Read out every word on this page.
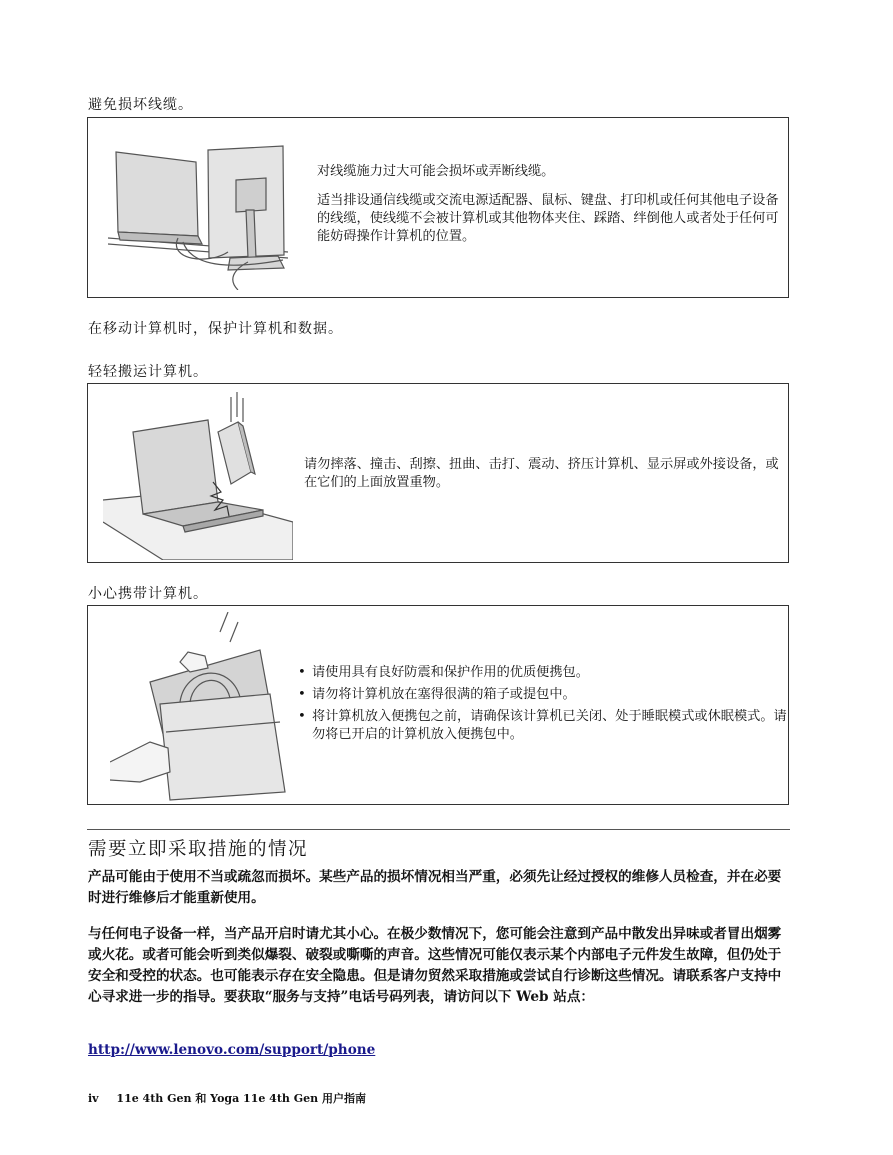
避免损坏线缆。

对线缆施力过大可能会损坏或弄断线缆。

适当排设通信线缆或交流电源适配器、鼠标、键盘、打印机或任何其他电子设备的线缆，使线缆不会被计算机或其他物体夹住、踩踏、绊倒他人或者处于任何可能妨碍操作计算机的位置。

在移动计算机时，保护计算机和数据。
轻轻搬运计算机。
请勿摔落、撞击、刮擦、扭曲、击打、震动、挤压计算机、显示屏或外接设备，或在它们的上面放置重物。
小心携带计算机。
• 请使用具有良好防震和保护作用的优质便携包。
• 请勿将计算机放在塞得很满的箱子或提包中。
• 将计算机放入便携包之前，请确保该计算机已关闭、处于睡眠模式或休眠模式。请勿将已开启的计算机放入便携包中。
需要立即采取措施的情况

产品可能由于使用不当或疏忽而损坏。某些产品的损坏情况相当严重，必须先让经过授权的维修人员检查，并在必要时进行维修后才能重新使用。

与任何电子设备一样，当产品开启时请尤其小心。在极少数情况下，您可能会注意到产品中散发出异味或者冒出烟雾或火花。或者可能会听到类似爆裂、破裂或嘶嘶的声音。这些情况可能仅表示某个内部电子元件发生故障，但仍处于安全和受控的状态。也可能表示存在安全隐患。但是请勿贸然采取措施或尝试自行诊断这些情况。请联系客户支持中心寻求进一步的指导。要获取“服务与支持”电话号码列表，请访问以下 Web 站点：

http://www.lenovo.com/support/phone
iv 11e 4th Gen 和 Yoga 11e 4th Gen 用户指南
